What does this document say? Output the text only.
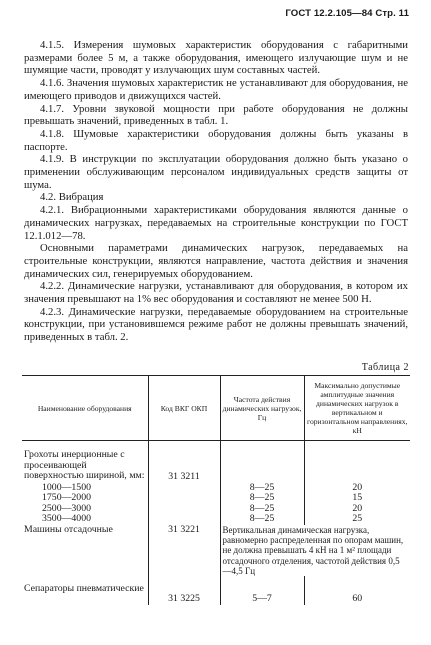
ГОСТ 12.2.105—84 Стр. 11

4.1.5. Измерения шумовых характеристик оборудования с габаритными размерами более 5 м, а также оборудования, имеющего излучающие шум и не шумящие части, проводят у излучающих шум составных частей.

4.1.6. Значения шумовых характеристик не устанавливают для оборудования, не имеющего приводов и движущихся частей.

4.1.7. Уровни звуковой мощности при работе оборудования не должны превышать значений, приведенных в табл. 1.

4.1.8. Шумовые характеристики оборудования должны быть указаны в паспорте.

4.1.9. В инструкции по эксплуатации оборудования должно быть указано о применении обслуживающим персоналом индивидуальных средств защиты от шума.

4.2. Вибрация

4.2.1. Вибрационными характеристиками оборудования являются данные о динамических нагрузках, передаваемых на строительные конструкции по ГОСТ 12.1.012—78.

Основными параметрами динамических нагрузок, передаваемых на строительные конструкции, являются направление, частота действия и значения динамических сил, генерируемых оборудованием.

4.2.2. Динамические нагрузки, устанавливают для оборудования, в котором их значения превышают на 1% вес оборудования и составляют не менее 500 Н.

4.2.3. Динамические нагрузки, передаваемые оборудованием на строительные конструкции, при установившемся режиме работ не должны превышать значений, приведенных в табл. 2.

Таблица 2
Наименование оборудования	Код ВКГ ОКП	Частота действия динамических нагрузок, Гц	Максимально допустимые амплитудные значения динамических нагрузок в вертикальном и горизонтальном направлениях, кН
Грохоты инерционные с просеивающей поверхностью шириной, мм:	31 3211		
1000—1500		8—25	20
1750—2000		8—25	15
2500—3000		8—25	20
3500—4000		8—25	25
Машины отсадочные	31 3221	Вертикальная динамическая нагрузка, равномерно распределенная по опорам машин, не должна превышать 4 кН на 1 м² площади отсадочного отделения, частотой действия 0,5—4,5 Гц	
Сепараторы пневматические	31 3225	5—7	60
